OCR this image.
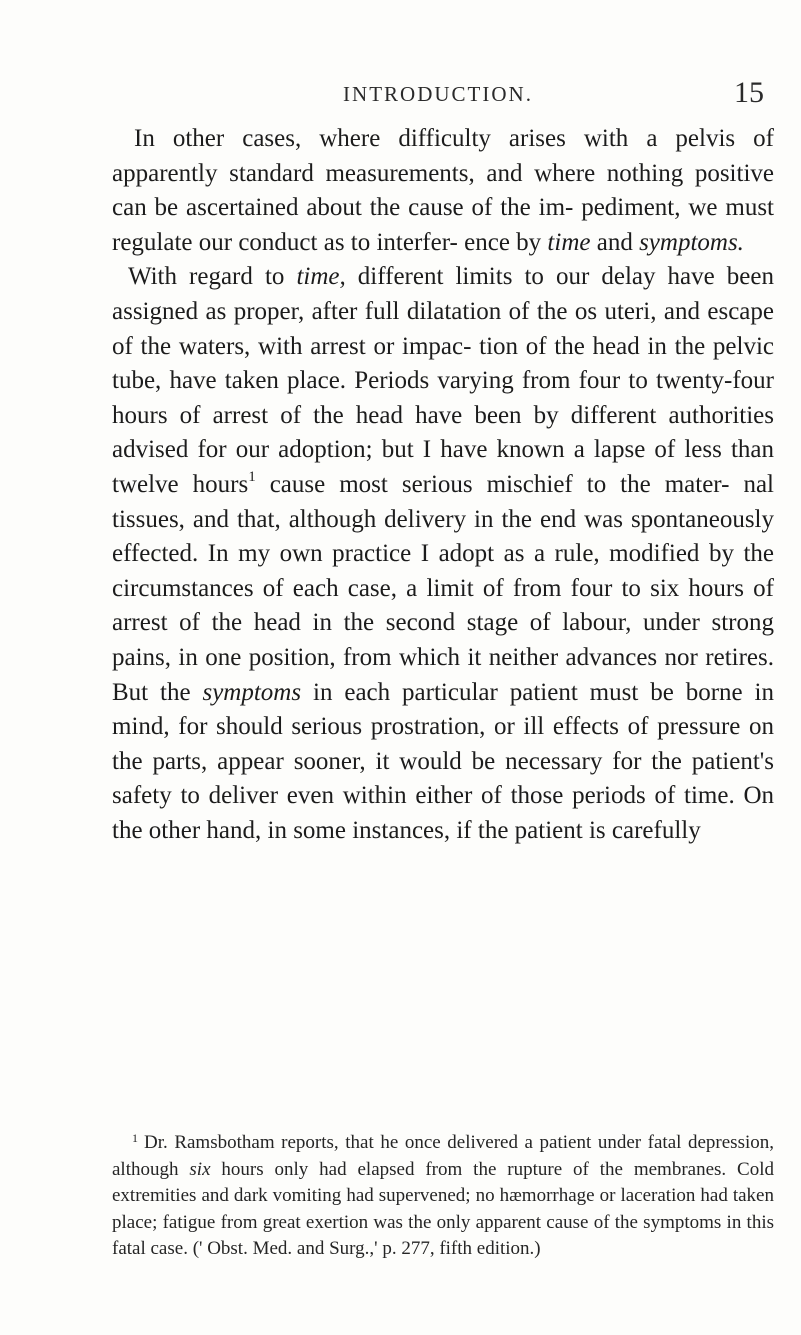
INTRODUCTION.	15

In other cases, where difficulty arises with a pelvis of apparently standard measurements, and where nothing positive can be ascertained about the cause of the im- pediment, we must regulate our conduct as to interfer- ence by time and symptoms.

With regard to time, different limits to our delay have been assigned as proper, after full dilatation of the os uteri, and escape of the waters, with arrest or impac- tion of the head in the pelvic tube, have taken place. Periods varying from four to twenty-four hours of arrest of the head have been by different authorities advised for our adoption; but I have known a lapse of less than twelve hours$^1$ cause most serious mischief to the mater- nal tissues, and that, although delivery in the end was spontaneously effected. In my own practice I adopt as a rule, modified by the circumstances of each case, a limit of from four to six hours of arrest of the head in the second stage of labour, under strong pains, in one position, from which it neither advances nor retires. But the symptoms in each particular patient must be borne in mind, for should serious prostration, or ill effects of pressure on the parts, appear sooner, it would be necessary for the patient's safety to deliver even within either of those periods of time. On the other hand, in some instances, if the patient is carefully

$^1$ Dr. Ramsbotham reports, that he once delivered a patient under fatal depression, although six hours only had elapsed from the rupture of the membranes. Cold extremities and dark vomiting had supervened; no hæmorrhage or laceration had taken place; fatigue from great exertion was the only apparent cause of the symptoms in this fatal case. (' Obst. Med. and Surg.,' p. 277, fifth edition.)
